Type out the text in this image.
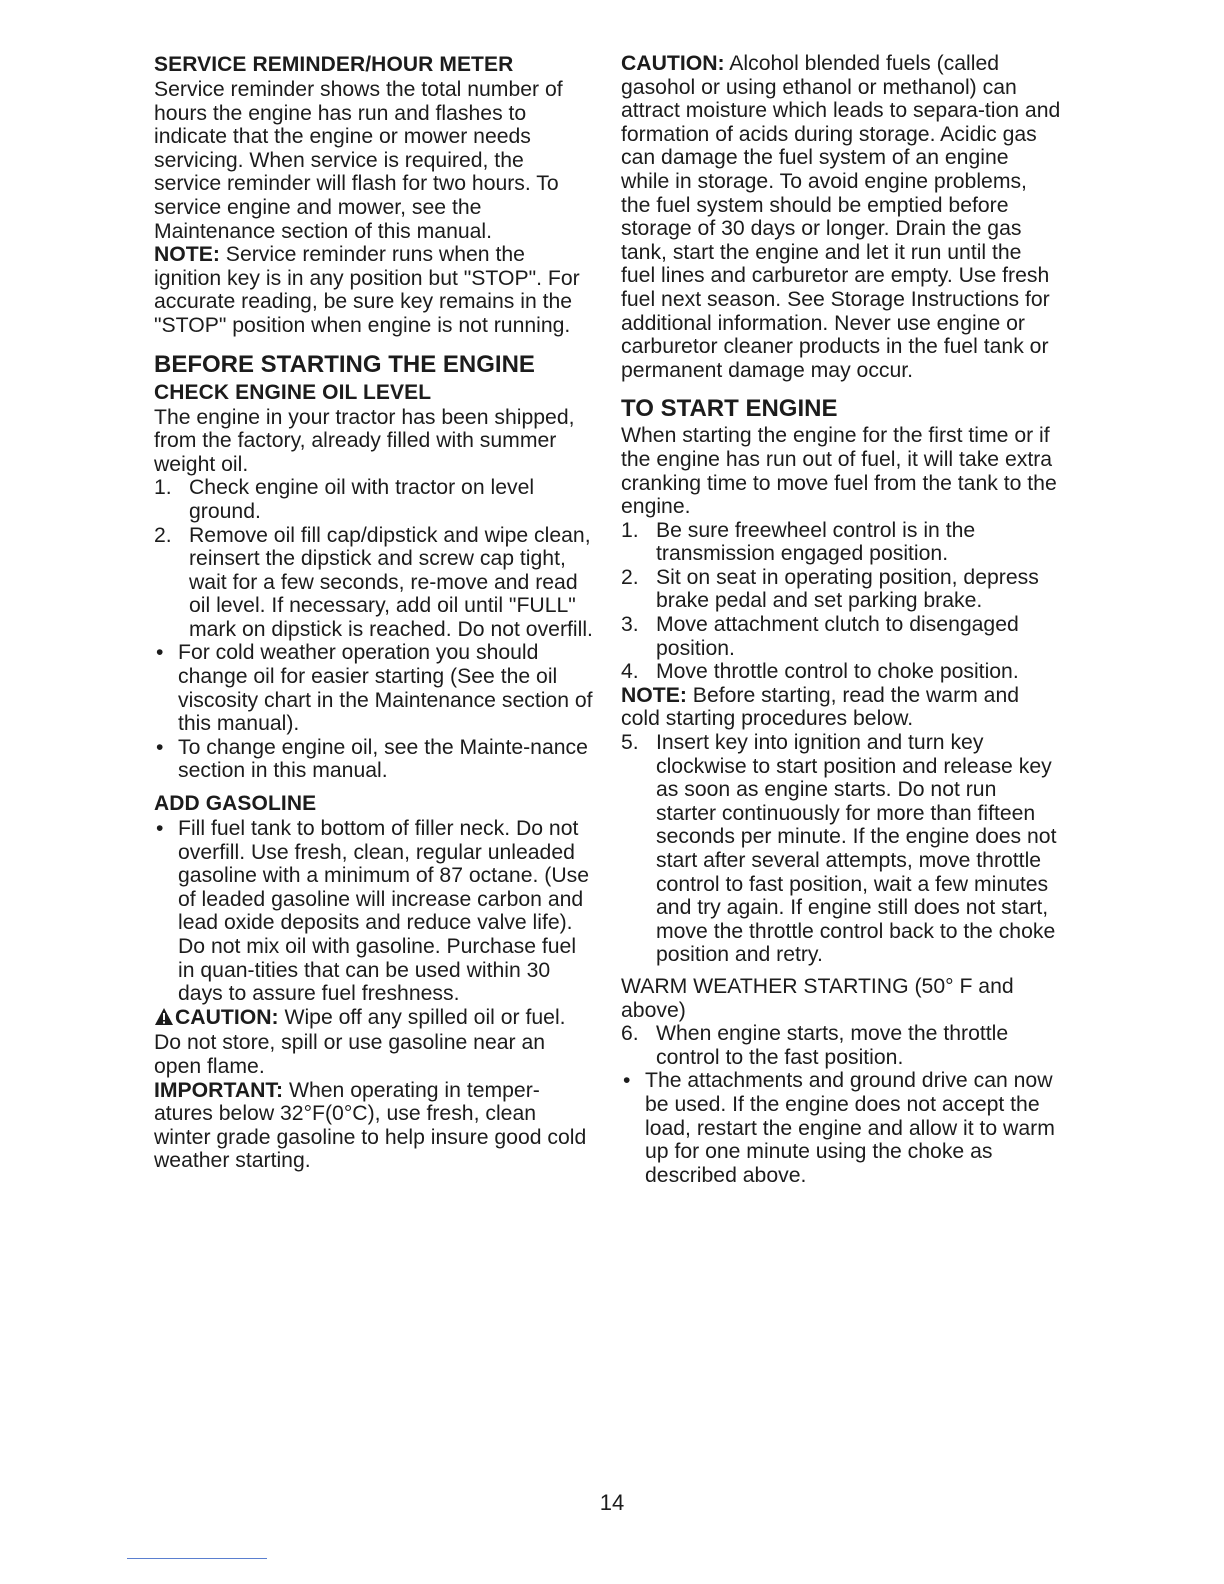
SERVICE REMINDER/HOUR METER

Service reminder shows the total number of hours the engine has run and flashes to indicate that the engine or mower needs servicing. When service is required, the service reminder will flash for two hours. To service engine and mower, see the Maintenance section of this manual.

NOTE: Service reminder runs when the ignition key is in any position but "STOP". For accurate reading, be sure key remains in the "STOP" position when engine is not running.

BEFORE STARTING THE ENGINE
CHECK ENGINE OIL LEVEL

The engine in your tractor has been shipped, from the factory, already filled with summer weight oil.

1. Check engine oil with tractor on level ground.
2. Remove oil fill cap/dipstick and wipe clean, reinsert the dipstick and screw cap tight, wait for a few seconds, re-move and read oil level. If necessary, add oil until "FULL" mark on dipstick is reached. Do not overfill.
• For cold weather operation you should change oil for easier starting (See the oil viscosity chart in the Maintenance section of this manual).
• To change engine oil, see the Mainte-nance section in this manual.
ADD GASOLINE
• Fill fuel tank to bottom of filler neck. Do not overfill. Use fresh, clean, regular unleaded gasoline with a minimum of 87 octane. (Use of leaded gasoline will increase carbon and lead oxide deposits and reduce valve life). Do not mix oil with gasoline. Purchase fuel in quan-tities that can be used within 30 days to assure fuel freshness.

CAUTION: Wipe off any spilled oil or fuel. Do not store, spill or use gasoline near an open flame.

IMPORTANT: When operating in temper-atures below 32°F(0°C), use fresh, clean winter grade gasoline to help insure good cold weather starting.

CAUTION: Alcohol blended fuels (called gasohol or using ethanol or methanol) can attract moisture which leads to separa-tion and formation of acids during storage. Acidic gas can damage the fuel system of an engine while in storage. To avoid engine problems, the fuel system should be emptied before storage of 30 days or longer. Drain the gas tank, start the engine and let it run until the fuel lines and carburetor are empty. Use fresh fuel next season. See Storage Instructions for additional information. Never use engine or carburetor cleaner products in the fuel tank or permanent damage may occur.

TO START ENGINE

When starting the engine for the first time or if the engine has run out of fuel, it will take extra cranking time to move fuel from the tank to the engine.

1. Be sure freewheel control is in the transmission engaged position.
2. Sit on seat in operating position, depress brake pedal and set parking brake.
3. Move attachment clutch to disengaged position.
4. Move throttle control to choke position.

NOTE: Before starting, read the warm and cold starting procedures below.

5. Insert key into ignition and turn key clockwise to start position and release key as soon as engine starts. Do not run starter continuously for more than fifteen seconds per minute. If the engine does not start after several attempts, move throttle control to fast position, wait a few minutes and try again. If engine still does not start, move the throttle control back to the choke position and retry.

WARM WEATHER STARTING (50° F and above)

6. When engine starts, move the throttle control to the fast position.
• The attachments and ground drive can now be used. If the engine does not accept the load, restart the engine and allow it to warm up for one minute using the choke as described above.
14
